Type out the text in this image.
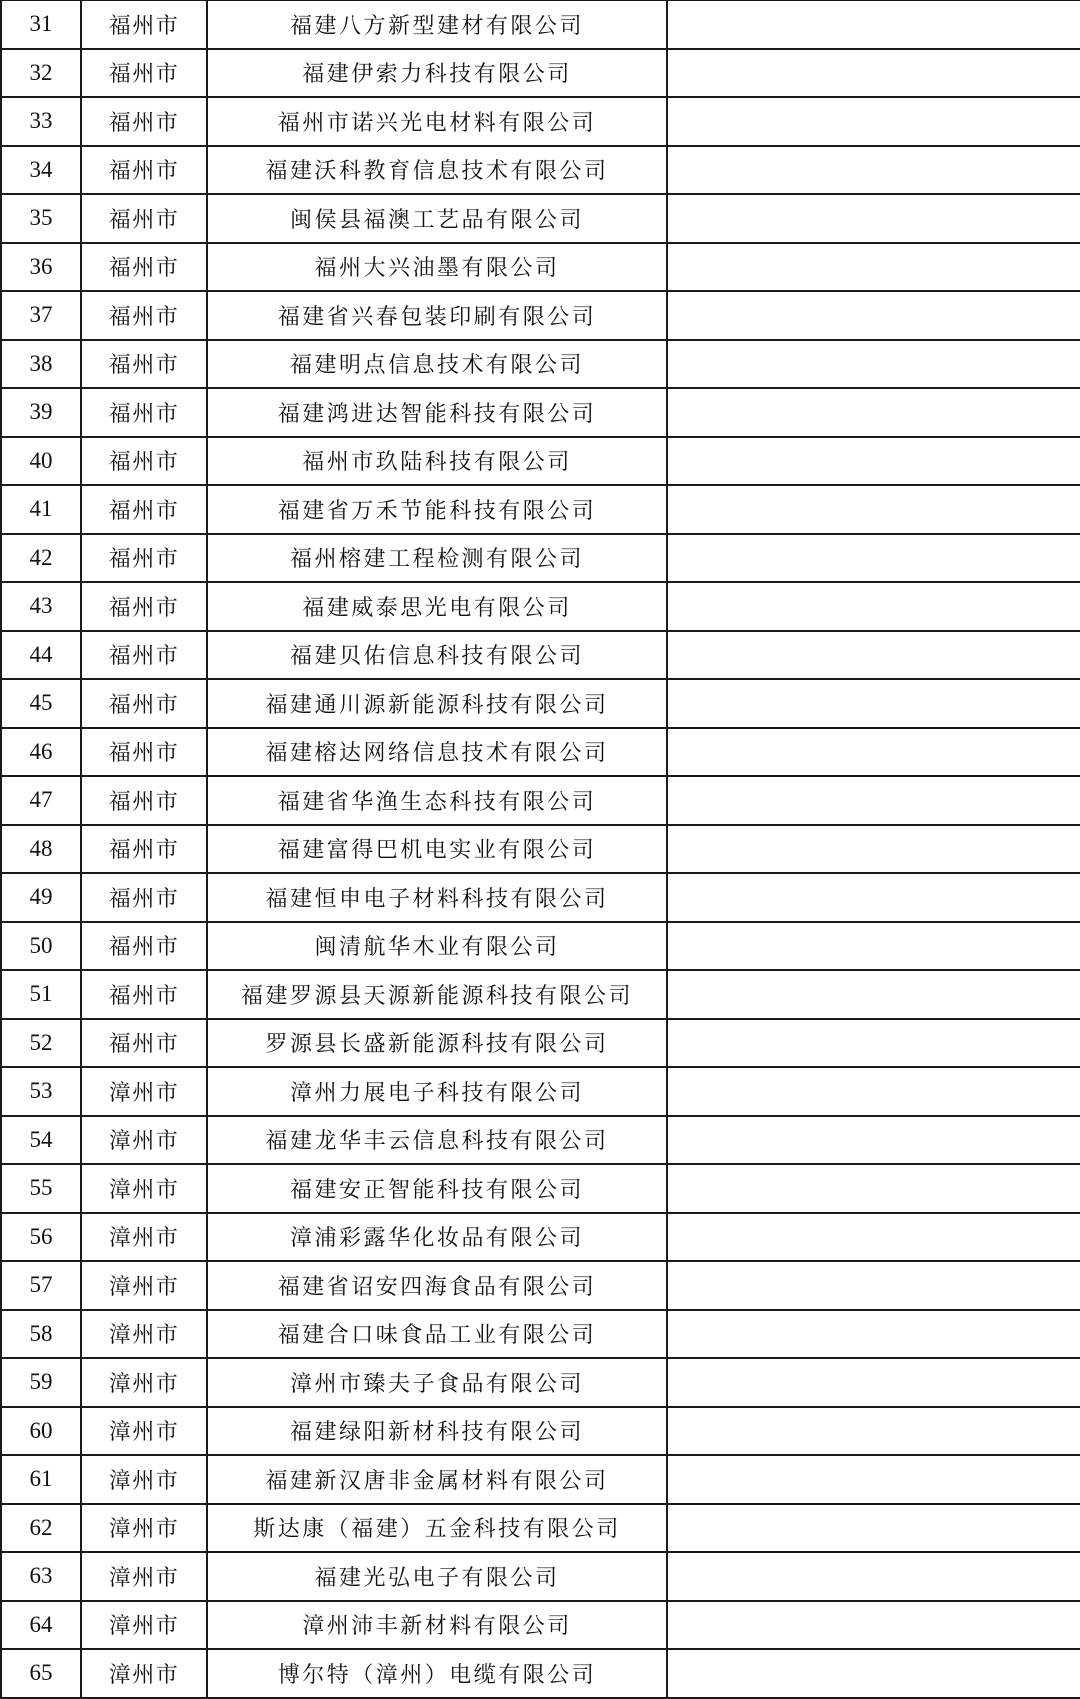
31	福州市	福建八方新型建材有限公司	
32	福州市	福建伊索力科技有限公司	
33	福州市	福州市诺兴光电材料有限公司	
34	福州市	福建沃科教育信息技术有限公司	
35	福州市	闽侯县福澳工艺品有限公司	
36	福州市	福州大兴油墨有限公司	
37	福州市	福建省兴春包装印刷有限公司	
38	福州市	福建明点信息技术有限公司	
39	福州市	福建鸿进达智能科技有限公司	
40	福州市	福州市玖陆科技有限公司	
41	福州市	福建省万禾节能科技有限公司	
42	福州市	福州榕建工程检测有限公司	
43	福州市	福建威泰思光电有限公司	
44	福州市	福建贝佑信息科技有限公司	
45	福州市	福建通川源新能源科技有限公司	
46	福州市	福建榕达网络信息技术有限公司	
47	福州市	福建省华渔生态科技有限公司	
48	福州市	福建富得巴机电实业有限公司	
49	福州市	福建恒申电子材料科技有限公司	
50	福州市	闽清航华木业有限公司	
51	福州市	福建罗源县天源新能源科技有限公司	
52	福州市	罗源县长盛新能源科技有限公司	
53	漳州市	漳州力展电子科技有限公司	
54	漳州市	福建龙华丰云信息科技有限公司	
55	漳州市	福建安正智能科技有限公司	
56	漳州市	漳浦彩露华化妆品有限公司	
57	漳州市	福建省诏安四海食品有限公司	
58	漳州市	福建合口味食品工业有限公司	
59	漳州市	漳州市臻夫子食品有限公司	
60	漳州市	福建绿阳新材科技有限公司	
61	漳州市	福建新汉唐非金属材料有限公司	
62	漳州市	斯达康（福建）五金科技有限公司	
63	漳州市	福建光弘电子有限公司	
64	漳州市	漳州沛丰新材料有限公司	
65	漳州市	博尔特（漳州）电缆有限公司	
